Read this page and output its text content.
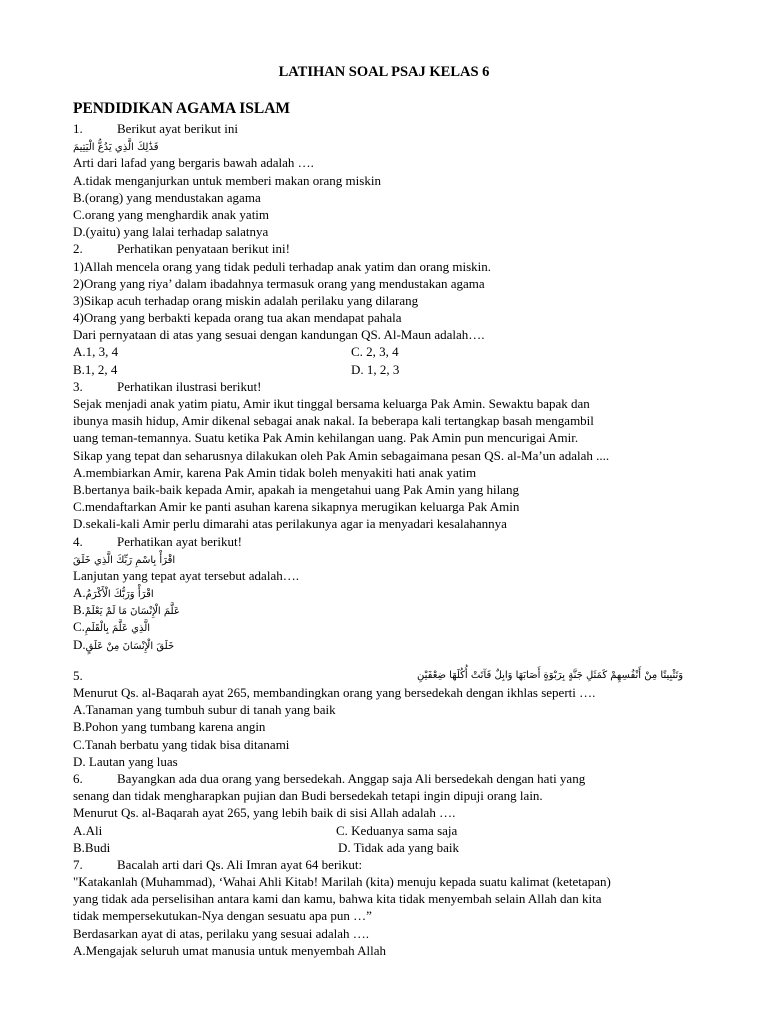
LATIHAN SOAL PSAJ KELAS 6
PENDIDIKAN AGAMA ISLAM
1.	Berikut ayat berikut ini
فَذَٰلِكَ الَّذِي يَدُعُّ الْيَتِيمَ
Arti dari lafad yang bergaris bawah adalah ….
A.tidak menganjurkan untuk memberi makan orang miskin
B.(orang) yang mendustakan agama
C.orang yang menghardik anak yatim
D.(yaitu) yang lalai terhadap salatnya
2.	Perhatikan penyataan berikut ini!
1)Allah mencela orang yang tidak peduli terhadap anak yatim dan orang miskin.
2)Orang yang riya’ dalam ibadahnya termasuk orang yang mendustakan agama
3)Sikap acuh terhadap orang miskin adalah perilaku yang dilarang
4)Orang yang berbakti kepada orang tua akan mendapat pahala
Dari pernyataan di atas yang sesuai dengan kandungan QS. Al-Maun adalah….
A.1, 3, 4	C. 2, 3, 4
B.1, 2, 4	D. 1, 2, 3
3.	Perhatikan ilustrasi berikut!
Sejak menjadi anak yatim piatu, Amir ikut tinggal bersama keluarga Pak Amin. Sewaktu bapak dan
ibunya masih hidup, Amir dikenal sebagai anak nakal. Ia beberapa kali tertangkap basah mengambil
uang teman-temannya. Suatu ketika Pak Amin kehilangan uang. Pak Amin pun mencurigai Amir.
Sikap yang tepat dan seharusnya dilakukan oleh Pak Amin sebagaimana pesan QS. al-Ma’un adalah ....
A.membiarkan Amir, karena Pak Amin tidak boleh menyakiti hati anak yatim
B.bertanya baik-baik kepada Amir, apakah ia mengetahui uang Pak Amin yang hilang
C.mendaftarkan Amir ke panti asuhan karena sikapnya merugikan keluarga Pak Amin
D.sekali-kali Amir perlu dimarahi atas perilakunya agar ia menyadari kesalahannya
4.	Perhatikan ayat berikut!
اقْرَأْ بِاسْمِ رَبِّكَ الَّذِي خَلَقَ
Lanjutan yang tepat ayat tersebut adalah….
A.اقْرَأْ وَرَبُّكَ الْأَكْرَمُ
B.عَلَّمَ الْإِنْسَانَ مَا لَمْ يَعْلَمْ
C.الَّذِي عَلَّمَ بِالْقَلَمِ
D.خَلَقَ الْإِنْسَانَ مِنْ عَلَقٍ
5.	وَتَثْبِيتًا مِنْ أَنْفُسِهِمْ كَمَثَلِ جَنَّةٍ بِرَبْوَةٍ أَصَابَهَا وَابِلٌ فَآتَتْ أُكُلَهَا ضِعْفَيْنِ
Menurut Qs. al-Baqarah ayat 265, membandingkan orang yang bersedekah dengan ikhlas seperti ….
A.Tanaman yang tumbuh subur di tanah yang baik
B.Pohon yang tumbang karena angin
C.Tanah berbatu yang tidak bisa ditanami
D. Lautan yang luas
6.	Bayangkan ada dua orang yang bersedekah. Anggap saja Ali bersedekah dengan hati yang
senang dan tidak mengharapkan pujian dan Budi bersedekah tetapi ingin dipuji orang lain.
Menurut Qs. al-Baqarah ayat 265, yang lebih baik di sisi Allah adalah ….
A.Ali	C. Keduanya sama saja
B.Budi	D. Tidak ada yang baik
7.	Bacalah arti dari Qs. Ali Imran ayat 64 berikut:
"Katakanlah (Muhammad), ‘Wahai Ahli Kitab! Marilah (kita) menuju kepada suatu kalimat (ketetapan)
yang tidak ada perselisihan antara kami dan kamu, bahwa kita tidak menyembah selain Allah dan kita
tidak mempersekutukan-Nya dengan sesuatu apa pun …”
Berdasarkan ayat di atas, perilaku yang sesuai adalah ….
A.Mengajak seluruh umat manusia untuk menyembah Allah
